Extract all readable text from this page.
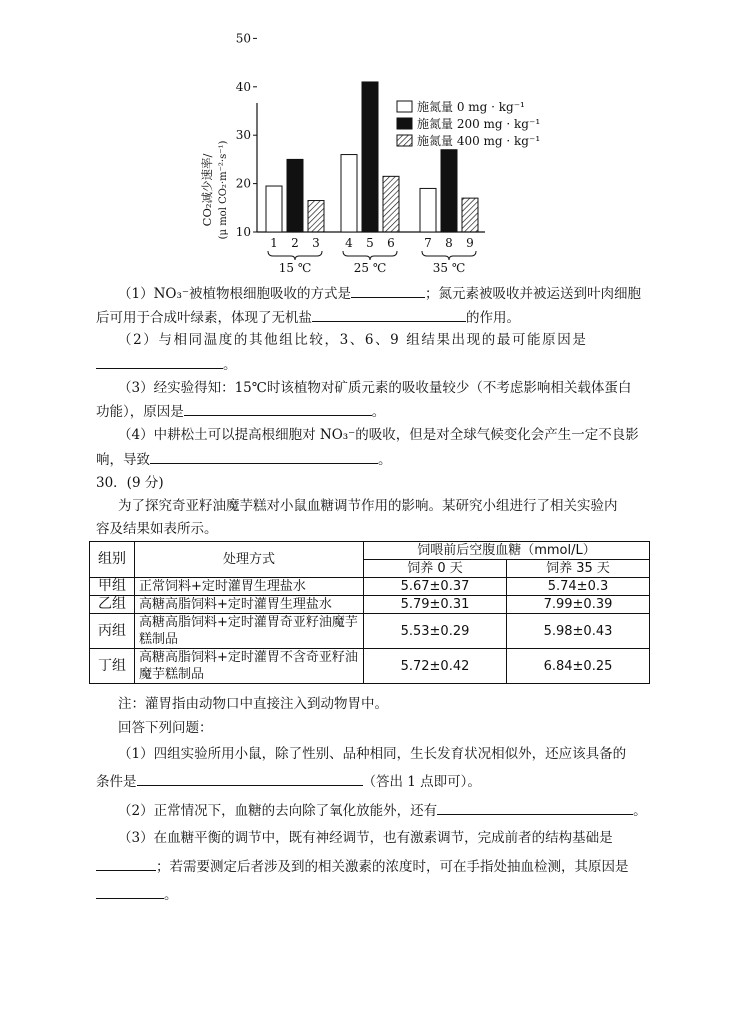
CO₂减少速率/ (μ mol CO₂·m⁻²·s⁻¹) 10
20
30
40
50
1 2 3 4 5 6 7 8 9
15 ℃	25 ℃	35 ℃
施氮量 0 mg · kg⁻¹
施氮量 200 mg · kg⁻¹
施氮量 400 mg · kg⁻¹
（1）NO₃⁻被植物根细胞吸收的方式是	；氮元素被吸收并被运送到叶肉细胞
后可用于合成叶绿素，体现了无机盐	的作用。
（2）与相同温度的其他组比较，3、6、9 组结果出现的最可能原因是
。
（3）经实验得知：15℃时该植物对矿质元素的吸收量较少（不考虑影响相关载体蛋白
功能），原因是	。
（4）中耕松土可以提高根细胞对 NO₃⁻的吸收，但是对全球气候变化会产生一定不良影
响，导致	。
30．(9 分)
为了探究奇亚籽油魔芋糕对小鼠血糖调节作用的影响。某研究小组进行了相关实验内
容及结果如表所示。
组别	处理方式	饲喂前后空腹血糖（mmol/L）	
		饲养 0 天	饲养 35 天
甲组	正常饲料+定时灌胃生理盐水	5.67±0.37	5.74±0.3
乙组	高糖高脂饲料+定时灌胃生理盐水	5.79±0.31	7.99±0.39
丙组	高糖高脂饲料+定时灌胃奇亚籽油魔芋糕制品	5.53±0.29	5.98±0.43
丁组	高糖高脂饲料+定时灌胃不含奇亚籽油魔芋糕制品	5.72±0.42	6.84±0.25
注：灌胃指由动物口中直接注入到动物胃中。
回答下列问题：
（1）四组实验所用小鼠，除了性别、品种相同，生长发育状况相似外，还应该具备的
条件是	（答出 1 点即可）。
（2）正常情况下，血糖的去向除了氧化放能外，还有	。
（3）在血糖平衡的调节中，既有神经调节，也有激素调节，完成前者的结构基础是
；若需要测定后者涉及到的相关激素的浓度时，可在手指处抽血检测，其原因是
。
